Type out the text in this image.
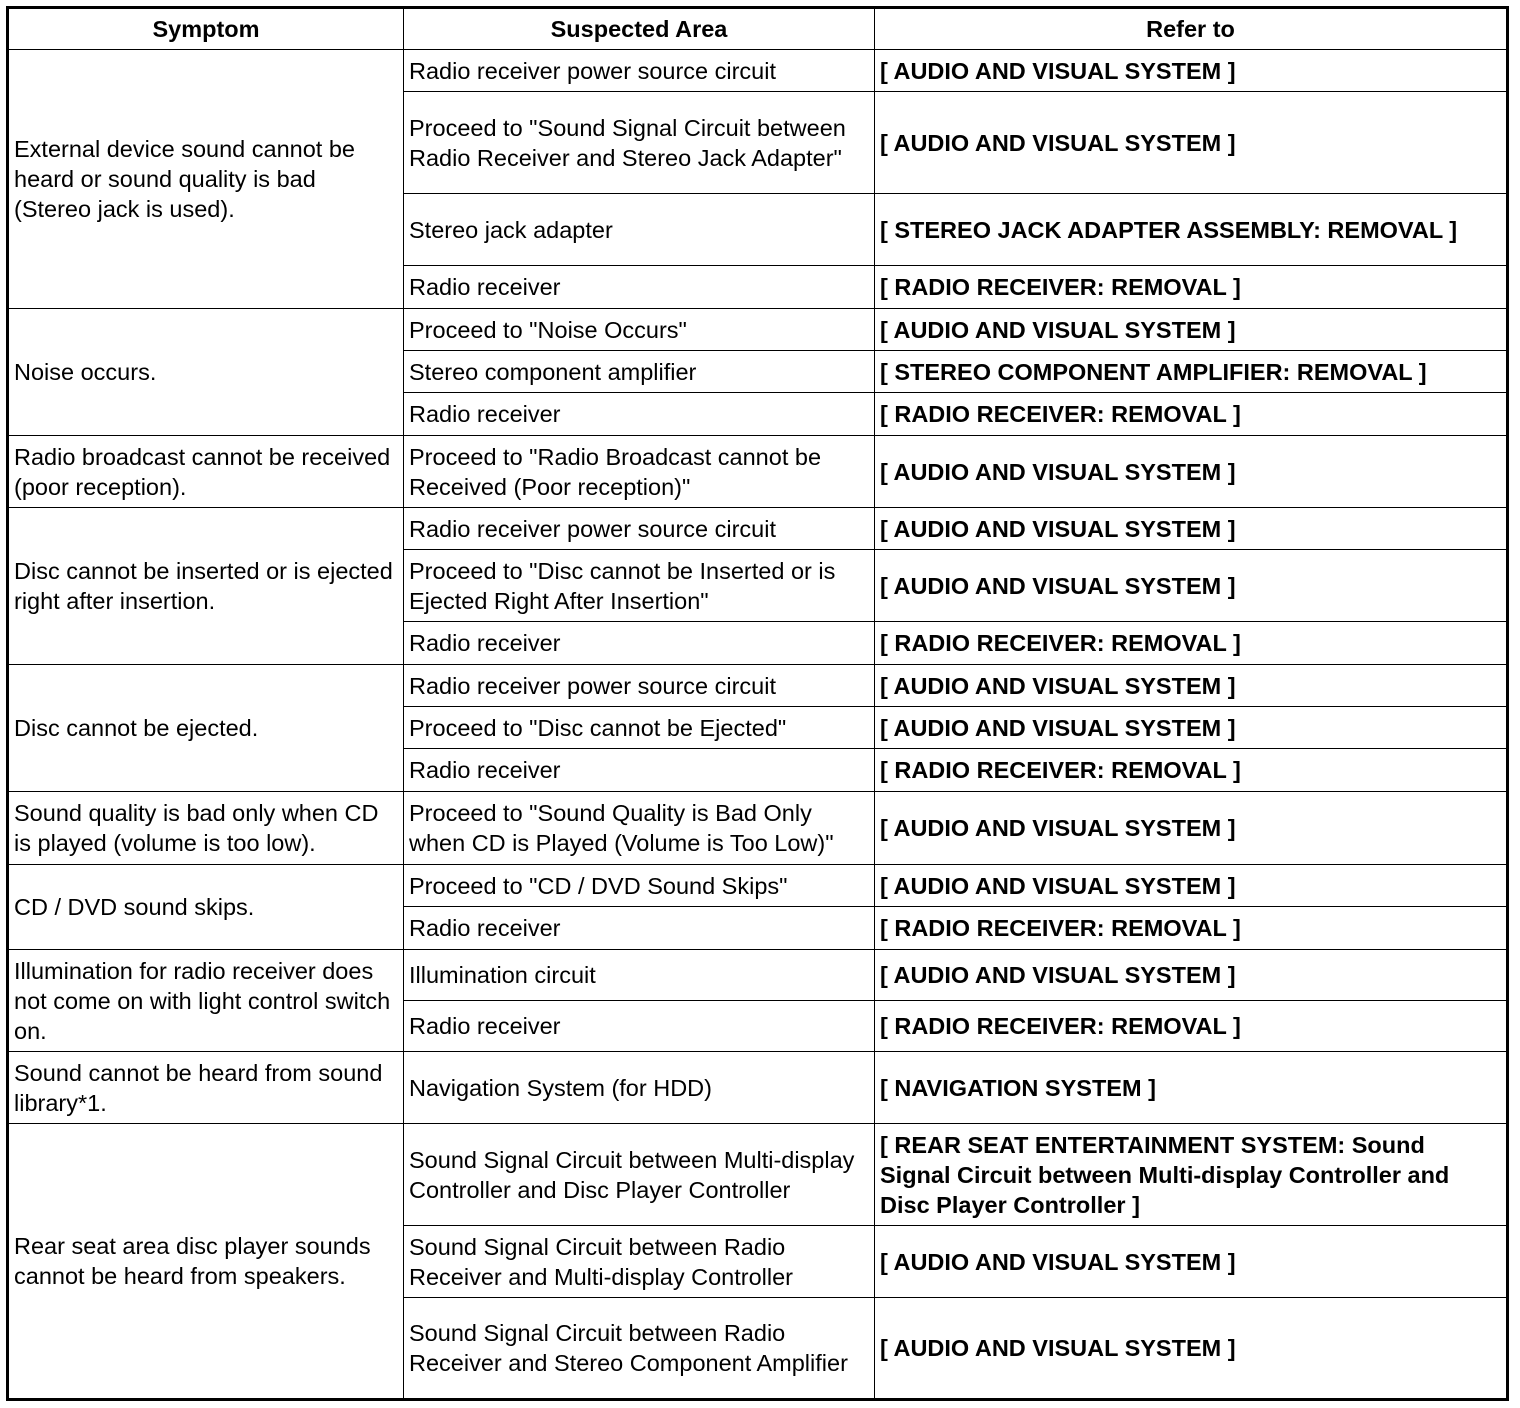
Symptom	Suspected Area	Refer to
External device sound cannot be heard or sound quality is bad (Stereo jack is used).	Radio receiver power source circuit	[ AUDIO AND VISUAL SYSTEM ]
	Proceed to "Sound Signal Circuit between Radio Receiver and Stereo Jack Adapter"	[ AUDIO AND VISUAL SYSTEM ]
	Stereo jack adapter	[ STEREO JACK ADAPTER ASSEMBLY: REMOVAL ]
	Radio receiver	[ RADIO RECEIVER: REMOVAL ]
Noise occurs.	Proceed to "Noise Occurs"	[ AUDIO AND VISUAL SYSTEM ]
	Stereo component amplifier	[ STEREO COMPONENT AMPLIFIER: REMOVAL ]
	Radio receiver	[ RADIO RECEIVER: REMOVAL ]
Radio broadcast cannot be received (poor reception).	Proceed to "Radio Broadcast cannot be Received (Poor reception)"	[ AUDIO AND VISUAL SYSTEM ]
Disc cannot be inserted or is ejected right after insertion.	Radio receiver power source circuit	[ AUDIO AND VISUAL SYSTEM ]
	Proceed to "Disc cannot be Inserted or is Ejected Right After Insertion"	[ AUDIO AND VISUAL SYSTEM ]
	Radio receiver	[ RADIO RECEIVER: REMOVAL ]
Disc cannot be ejected.	Radio receiver power source circuit	[ AUDIO AND VISUAL SYSTEM ]
	Proceed to "Disc cannot be Ejected"	[ AUDIO AND VISUAL SYSTEM ]
	Radio receiver	[ RADIO RECEIVER: REMOVAL ]
Sound quality is bad only when CD is played (volume is too low).	Proceed to "Sound Quality is Bad Only when CD is Played (Volume is Too Low)"	[ AUDIO AND VISUAL SYSTEM ]
CD / DVD sound skips.	Proceed to "CD / DVD Sound Skips"	[ AUDIO AND VISUAL SYSTEM ]
	Radio receiver	[ RADIO RECEIVER: REMOVAL ]
Illumination for radio receiver does not come on with light control switch on.	Illumination circuit	[ AUDIO AND VISUAL SYSTEM ]
	Radio receiver	[ RADIO RECEIVER: REMOVAL ]
Sound cannot be heard from sound library*1.	Navigation System (for HDD)	[ NAVIGATION SYSTEM ]
Rear seat area disc player sounds cannot be heard from speakers.	Sound Signal Circuit between Multi-display Controller and Disc Player Controller	[ REAR SEAT ENTERTAINMENT SYSTEM: Sound Signal Circuit between Multi-display Controller and Disc Player Controller ]
	Sound Signal Circuit between Radio Receiver and Multi-display Controller	[ AUDIO AND VISUAL SYSTEM ]
	Sound Signal Circuit between Radio Receiver and Stereo Component Amplifier	[ AUDIO AND VISUAL SYSTEM ]
